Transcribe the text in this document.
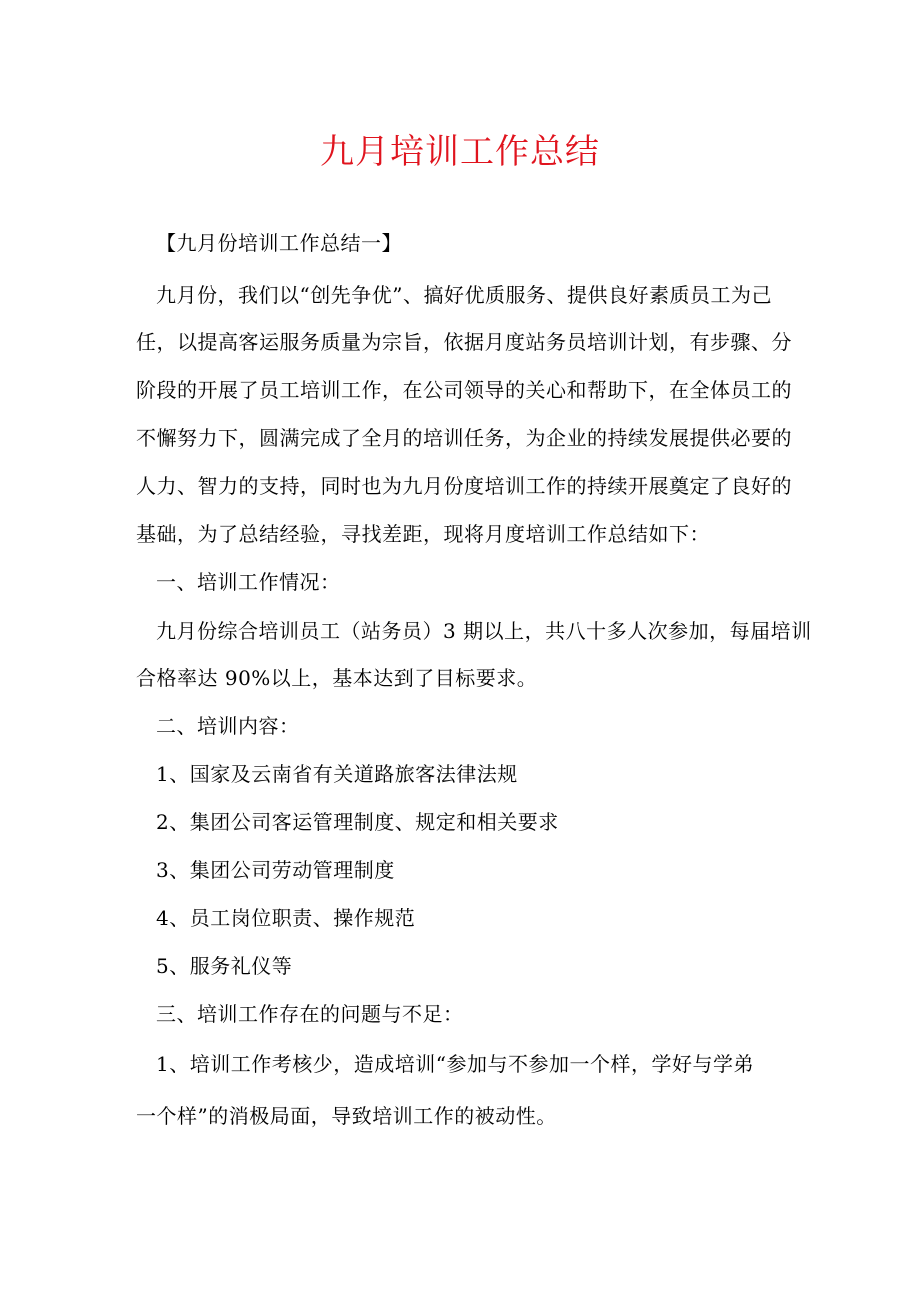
九月培训工作总结
【九月份培训工作总结一】
九月份，我们以“创先争优”、搞好优质服务、提供良好素质员工为己
任，以提高客运服务质量为宗旨，依据月度站务员培训计划，有步骤、分
阶段的开展了员工培训工作，在公司领导的关心和帮助下，在全体员工的
不懈努力下，圆满完成了全月的培训任务，为企业的持续发展提供必要的
人力、智力的支持，同时也为九月份度培训工作的持续开展奠定了良好的
基础，为了总结经验，寻找差距，现将月度培训工作总结如下：
一、培训工作情况：
九月份综合培训员工（站务员）3 期以上，共八十多人次参加，每届培训
合格率达 90%以上，基本达到了目标要求。
二、培训内容：
1、国家及云南省有关道路旅客法律法规
2、集团公司客运管理制度、规定和相关要求
3、集团公司劳动管理制度
4、员工岗位职责、操作规范
5、服务礼仪等
三、培训工作存在的问题与不足：
1、培训工作考核少，造成培训“参加与不参加一个样，学好与学弟
一个样”的消极局面，导致培训工作的被动性。
